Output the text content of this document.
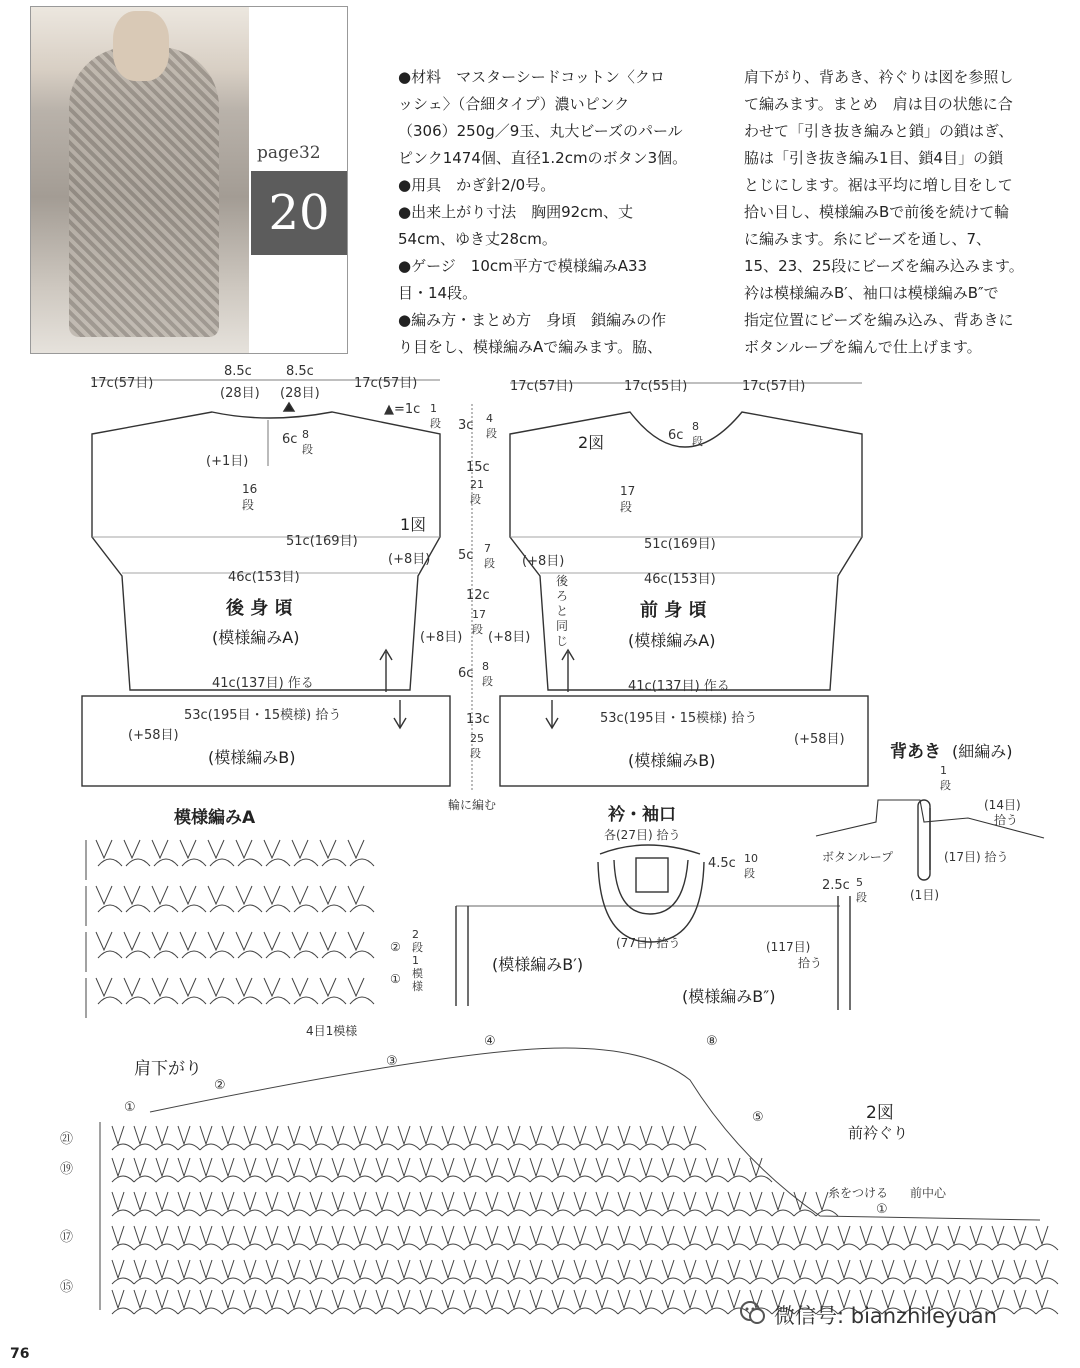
page32
20
●材料　マスターシードコットン〈クロ
ッシェ〉（合細タイプ）濃いピンク
（306）250g／9玉、丸大ビーズのパール
ピンク1474個、直径1.2cmのボタン3個。
●用具　かぎ針2/0号。
●出来上がり寸法　胸囲92cm、丈
54cm、ゆき丈28cm。
●ゲージ　10cm平方で模様編みA33
目・14段。
●編み方・まとめ方　身頃　鎖編みの作
り目をし、模様編みAで編みます。脇、
肩下がり、背あき、衿ぐりは図を参照し
て編みます。まとめ　肩は目の状態に合
わせて「引き抜き編みと鎖」の鎖はぎ、
脇は「引き抜き編み1目、鎖4目」の鎖
とじにします。裾は平均に増し目をして
拾い目し、模様編みBで前後を続けて輪
に編みます。糸にビーズを通し、7、
15、23、25段にビーズを編み込みます。
衿は模様編みB′、袖口は模様編みB″で
指定位置にビーズを編み込み、背あきに
ボタンループを編んで仕上げます。
17c(57目)
8.5c
(28目)
8.5c
(28目)
17c(57目)
▲=1c 1段
6c 8段
(+1目)
16段
51c(169目)
1図
(+8目)
46c(153目)
後 身 頃
(模様編みA)	(+8目)
41c(137目) 作る
53c(195目・15模様) 拾う
(+58目)
(模様編みB)
3c 4段
15c
21段
5c 7段
12c
17段
(+8目)
6c 8段
13c
25段
輪に編む
17c(57目)	17c(55目)	17c(57目)
2図	6c
8段
17段
51c(169目)
(+8目)
後ろと同じ
46c(153目)
前 身 頃
(模様編みA)
41c(137目) 作る
53c(195目・15模様) 拾う
(+58目)
(模様編みB)	背あき (細編み)
1段
(14目)
拾う
ボタンループ	(17目) 拾う
(1目)
衿・袖口
各(27目) 拾う
4.5c 10段
(77目) 拾う
(模様編みB′)
2.5c 5段
(117目)
拾う
(模様編みB″)
模様編みA
4目1模様
②
①
2段1模様
肩下がり
①
②
③
④
⑤
⑧
㉑
⑲
⑰
⑮
2図
前衿ぐり
糸をつける 前中心
①
微信号: bianzhileyuan
76
